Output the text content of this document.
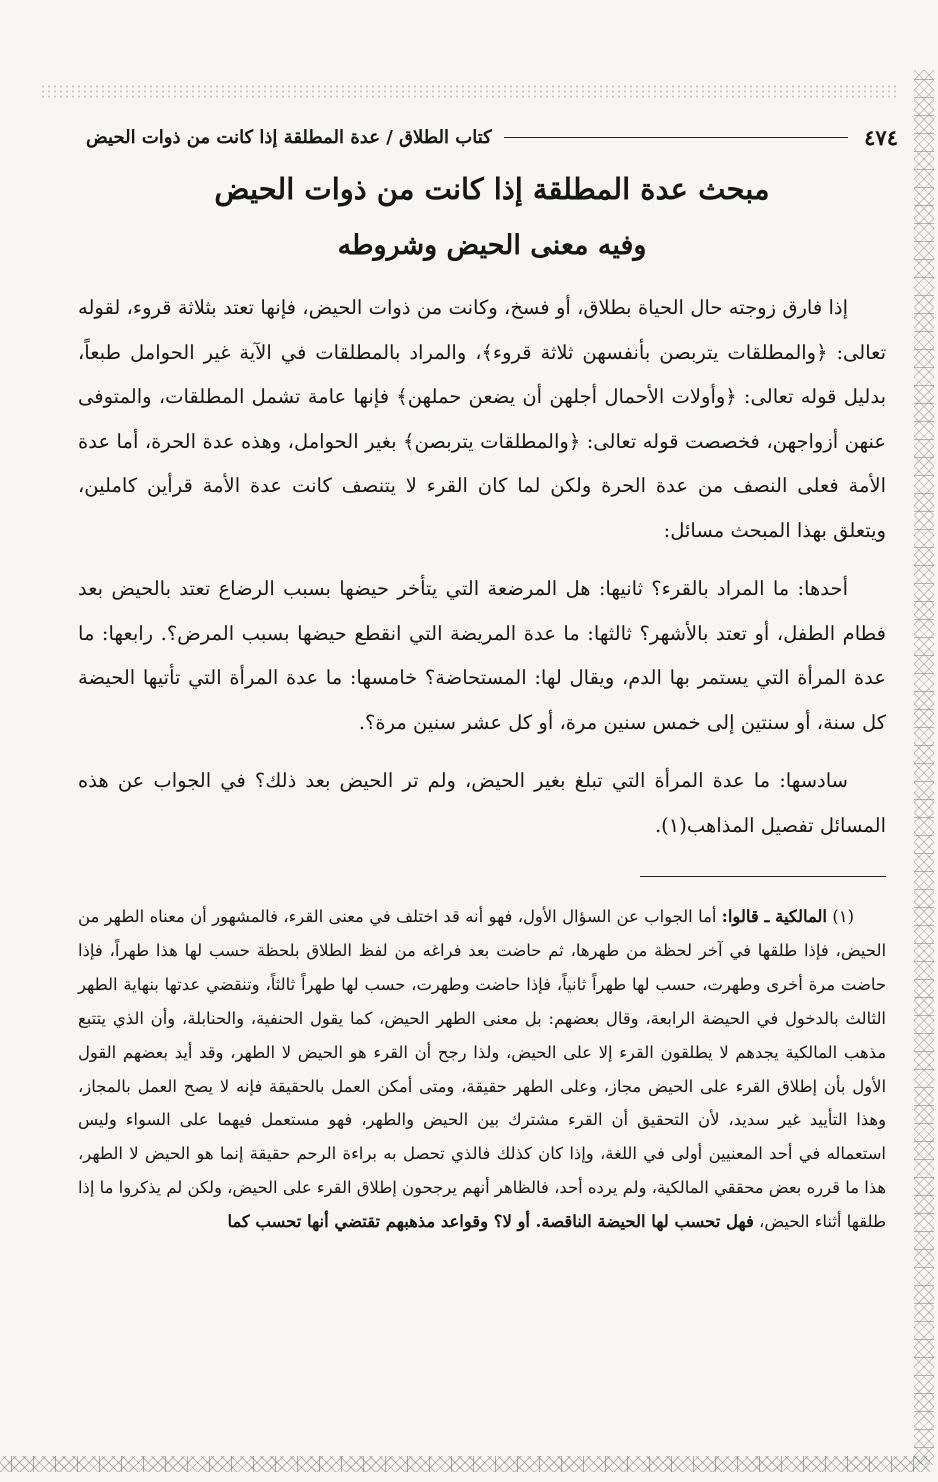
٤٧٤
كتاب الطلاق / عدة المطلقة إذا كانت من ذوات الحيض
مبحث عدة المطلقة إذا كانت من ذوات الحيض
وفيه معنى الحيض وشروطه

إذا فارق زوجته حال الحياة بطلاق، أو فسخ، وكانت من ذوات الحيض، فإنها تعتد بثلاثة قروء، لقوله تعالى: ﴿والمطلقات يتربصن بأنفسهن ثلاثة قروء﴾، والمراد بالمطلقات في الآية غير الحوامل طبعاً، بدليل قوله تعالى: ﴿وأولات الأحمال أجلهن أن يضعن حملهن﴾ فإنها عامة تشمل المطلقات، والمتوفى عنهن أزواجهن، فخصصت قوله تعالى: ﴿والمطلقات يتربصن﴾ بغير الحوامل، وهذه عدة الحرة، أما عدة الأمة فعلى النصف من عدة الحرة ولكن لما كان القرء لا يتنصف كانت عدة الأمة قرأين كاملين، ويتعلق بهذا المبحث مسائل:

أحدها: ما المراد بالقرء؟ ثانيها: هل المرضعة التي يتأخر حيضها بسبب الرضاع تعتد بالحيض بعد فطام الطفل، أو تعتد بالأشهر؟ ثالثها: ما عدة المريضة التي انقطع حيضها بسبب المرض؟. رابعها: ما عدة المرأة التي يستمر بها الدم، ويقال لها: المستحاضة؟ خامسها: ما عدة المرأة التي تأتيها الحيضة كل سنة، أو سنتين إلى خمس سنين مرة، أو كل عشر سنين مرة؟.

سادسها: ما عدة المرأة التي تبلغ بغير الحيض، ولم تر الحيض بعد ذلك؟ في الجواب عن هذه المسائل تفصيل المذاهب(١).

(١) المالكية ـ قالوا: أما الجواب عن السؤال الأول، فهو أنه قد اختلف في معنى القرء، فالمشهور أن معناه الطهر من الحيض، فإذا طلقها في آخر لحظة من طهرها، ثم حاضت بعد فراغه من لفظ الطلاق بلحظة حسب لها هذا طهراً، فإذا حاضت مرة أخرى وطهرت، حسب لها طهراً ثانياً، فإذا حاضت وطهرت، حسب لها طهراً ثالثاً، وتنقضي عدتها بنهاية الطهر الثالث بالدخول في الحيضة الرابعة، وقال بعضهم: بل معنى الطهر الحيض، كما يقول الحنفية، والحنابلة، وأن الذي يتتبع مذهب المالكية يجدهم لا يطلقون القرء إلا على الحيض، ولذا رجح أن القرء هو الحيض لا الطهر، وقد أيد بعضهم القول الأول بأن إطلاق القرء على الحيض مجاز، وعلى الطهر حقيقة، ومتى أمكن العمل بالحقيقة فإنه لا يصح العمل بالمجاز، وهذا التأييد غير سديد، لأن التحقيق أن القرء مشترك بين الحيض والطهر، فهو مستعمل فيهما على السواء وليس استعماله في أحد المعنيين أولى في اللغة، وإذا كان كذلك فالذي تحصل به براءة الرحم حقيقة إنما هو الحيض لا الطهر، هذا ما قرره بعض محققي المالكية، ولم يرده أحد، فالظاهر أنهم يرجحون إطلاق القرء على الحيض، ولكن لم يذكروا ما إذا طلقها أثناء الحيض، فهل تحسب لها الحيضة الناقصة. أو لا؟ وقواعد مذهبهم تقتضي أنها تحسب كما
